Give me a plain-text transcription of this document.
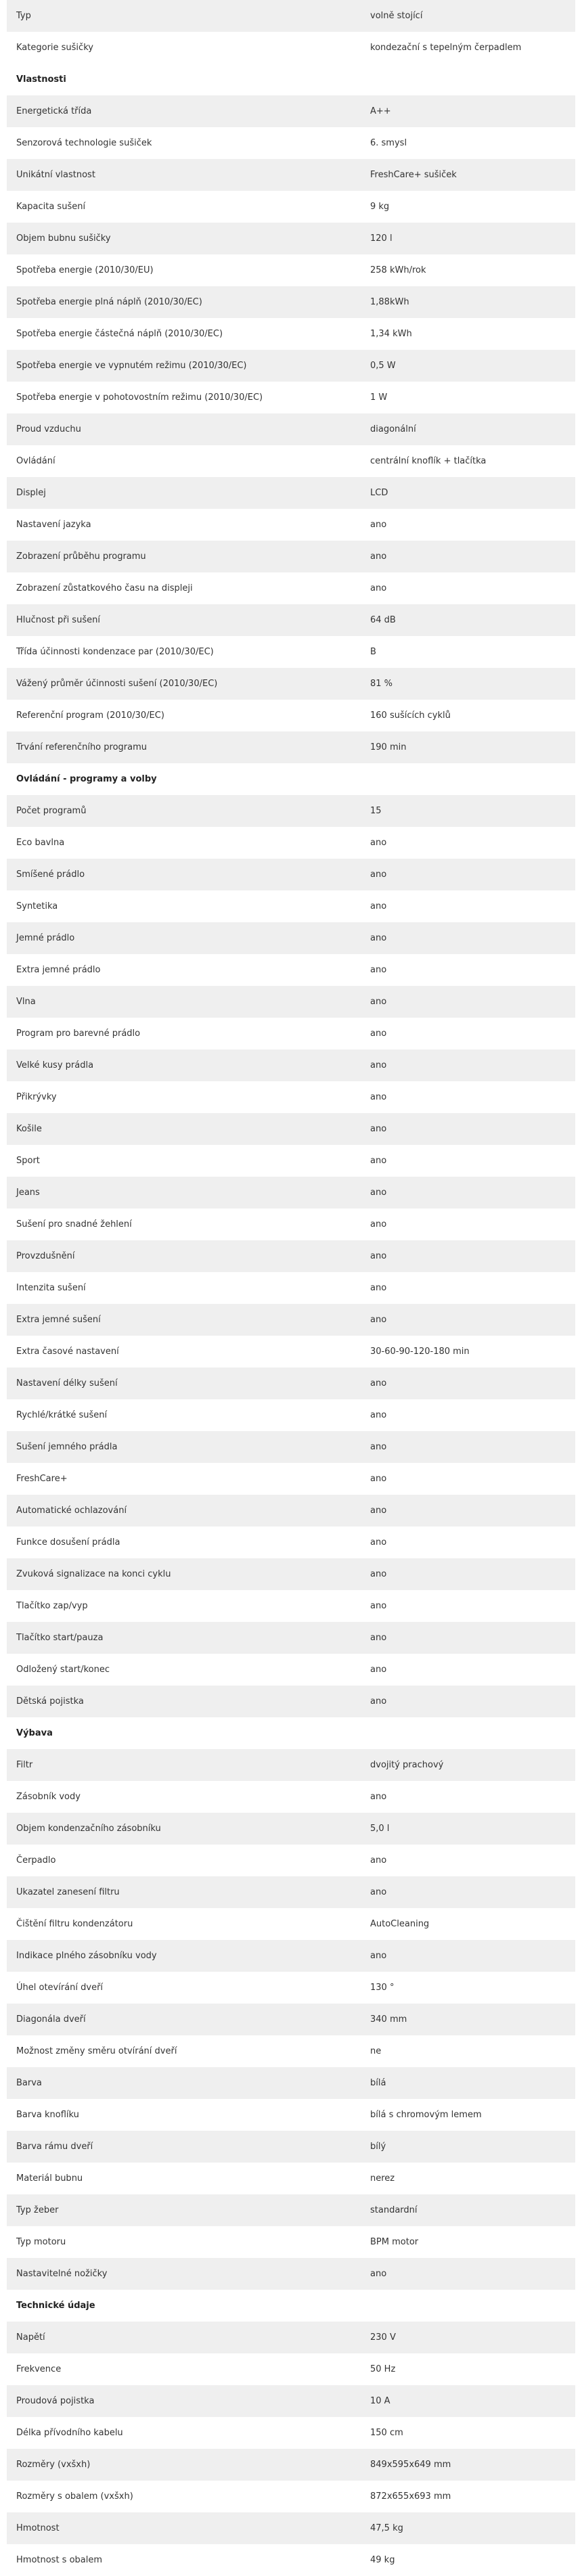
Typ	volně stojící
Kategorie sušičky	kondezační s tepelným čerpadlem
Vlastnosti	
Energetická třída	A++
Senzorová technologie sušiček	6. smysl
Unikátní vlastnost	FreshCare+ sušiček
Kapacita sušení	9 kg
Objem bubnu sušičky	120 l
Spotřeba energie (2010/30/EU)	258 kWh/rok
Spotřeba energie plná náplň (2010/30/EC)	1,88kWh
Spotřeba energie částečná náplň (2010/30/EC)	1,34 kWh
Spotřeba energie ve vypnutém režimu (2010/30/EC)	0,5 W
Spotřeba energie v pohotovostním režimu (2010/30/EC)	1 W
Proud vzduchu	diagonální
Ovládání	centrální knoflík + tlačítka
Displej	LCD
Nastavení jazyka	ano
Zobrazení průběhu programu	ano
Zobrazení zůstatkového času na displeji	ano
Hlučnost při sušení	64 dB
Třída účinnosti kondenzace par (2010/30/EC)	B
Vážený průměr účinnosti sušení (2010/30/EC)	81 %
Referenční program (2010/30/EC)	160 sušících cyklů
Trvání referenčního programu	190 min
Ovládání - programy a volby	
Počet programů	15
Eco bavlna	ano
Smíšené prádlo	ano
Syntetika	ano
Jemné prádlo	ano
Extra jemné prádlo	ano
Vlna	ano
Program pro barevné prádlo	ano
Velké kusy prádla	ano
Přikrývky	ano
Košile	ano
Sport	ano
Jeans	ano
Sušení pro snadné žehlení	ano
Provzdušnění	ano
Intenzita sušení	ano
Extra jemné sušení	ano
Extra časové nastavení	30-60-90-120-180 min
Nastavení délky sušení	ano
Rychlé/krátké sušení	ano
Sušení jemného prádla	ano
FreshCare+	ano
Automatické ochlazování	ano
Funkce dosušení prádla	ano
Zvuková signalizace na konci cyklu	ano
Tlačítko zap/vyp	ano
Tlačítko start/pauza	ano
Odložený start/konec	ano
Dětská pojistka	ano
Výbava	
Filtr	dvojitý prachový
Zásobník vody	ano
Objem kondenzačního zásobníku	5,0 l
Čerpadlo	ano
Ukazatel zanesení filtru	ano
Čištění filtru kondenzátoru	AutoCleaning
Indikace plného zásobníku vody	ano
Úhel otevírání dveří	130 °
Diagonála dveří	340 mm
Možnost změny směru otvírání dveří	ne
Barva	bílá
Barva knoflíku	bílá s chromovým lemem
Barva rámu dveří	bílý
Materiál bubnu	nerez
Typ žeber	standardní
Typ motoru	BPM motor
Nastavitelné nožičky	ano
Technické údaje	
Napětí	230 V
Frekvence	50 Hz
Proudová pojistka	10 A
Délka přívodního kabelu	150 cm
Rozměry (vxšxh)	849x595x649 mm
Rozměry s obalem (vxšxh)	872x655x693 mm
Hmotnost	47,5 kg
Hmotnost s obalem	49 kg
